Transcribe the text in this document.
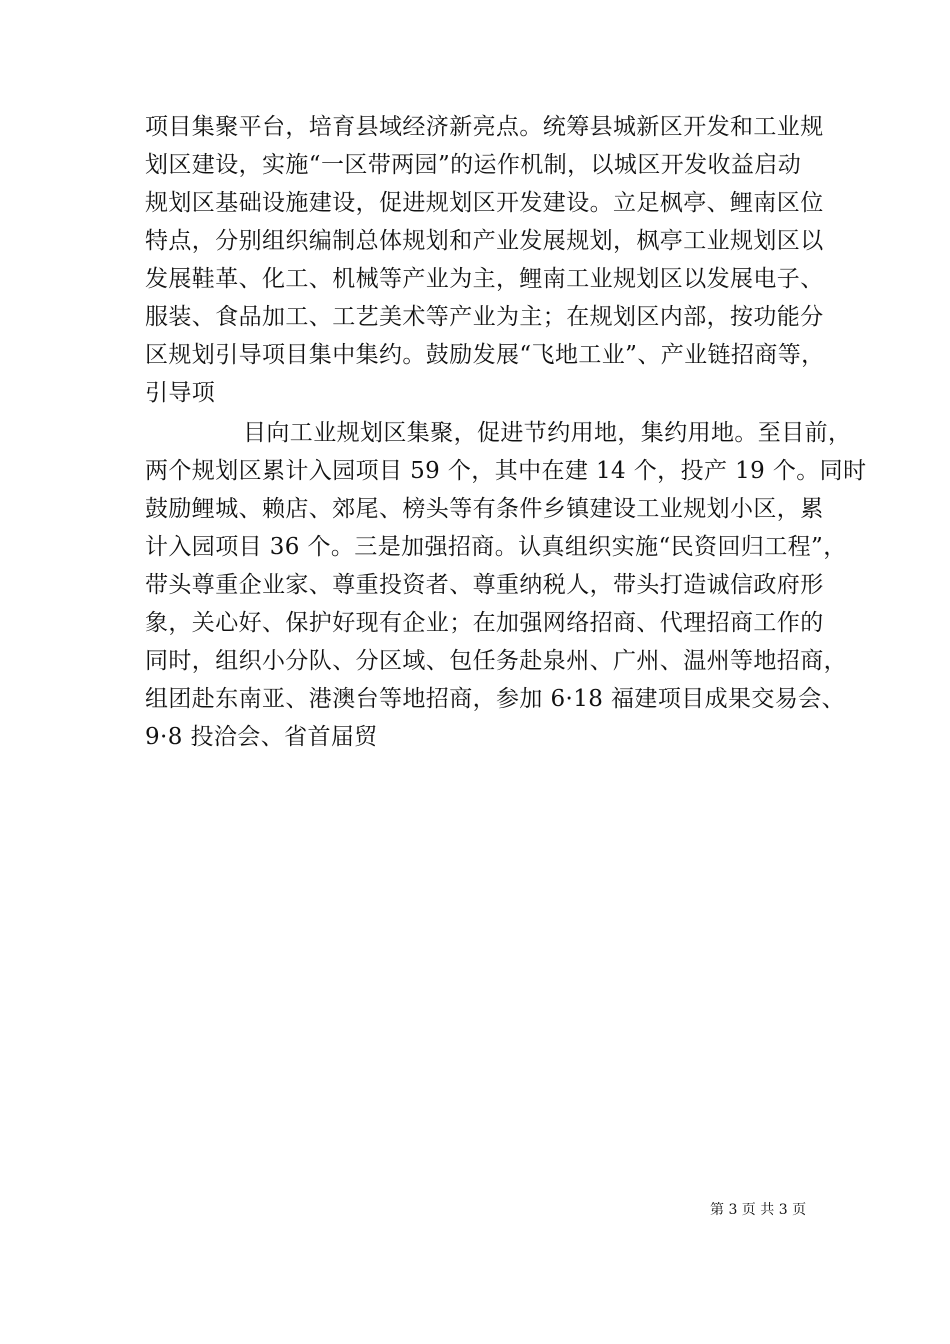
项目集聚平台，培育县域经济新亮点。统筹县城新区开发和工业规
划区建设，实施“一区带两园”的运作机制，以城区开发收益启动
规划区基础设施建设，促进规划区开发建设。立足枫亭、鲤南区位
特点，分别组织编制总体规划和产业发展规划，枫亭工业规划区以
发展鞋革、化工、机械等产业为主，鲤南工业规划区以发展电子、
服装、食品加工、工艺美术等产业为主；在规划区内部，按功能分
区规划引导项目集中集约。鼓励发展“飞地工业”、产业链招商等，
引导项
目向工业规划区集聚，促进节约用地，集约用地。至目前，
两个规划区累计入园项目 59 个，其中在建 14 个，投产 19 个。同时
鼓励鲤城、赖店、郊尾、榜头等有条件乡镇建设工业规划小区，累
计入园项目 36 个。三是加强招商。认真组织实施“民资回归工程”，
带头尊重企业家、尊重投资者、尊重纳税人，带头打造诚信政府形
象，关心好、保护好现有企业；在加强网络招商、代理招商工作的
同时，组织小分队、分区域、包任务赴泉州、广州、温州等地招商，
组团赴东南亚、港澳台等地招商，参加 6·18 福建项目成果交易会、
9·8 投洽会、省首届贸
第 3 页 共 3 页
